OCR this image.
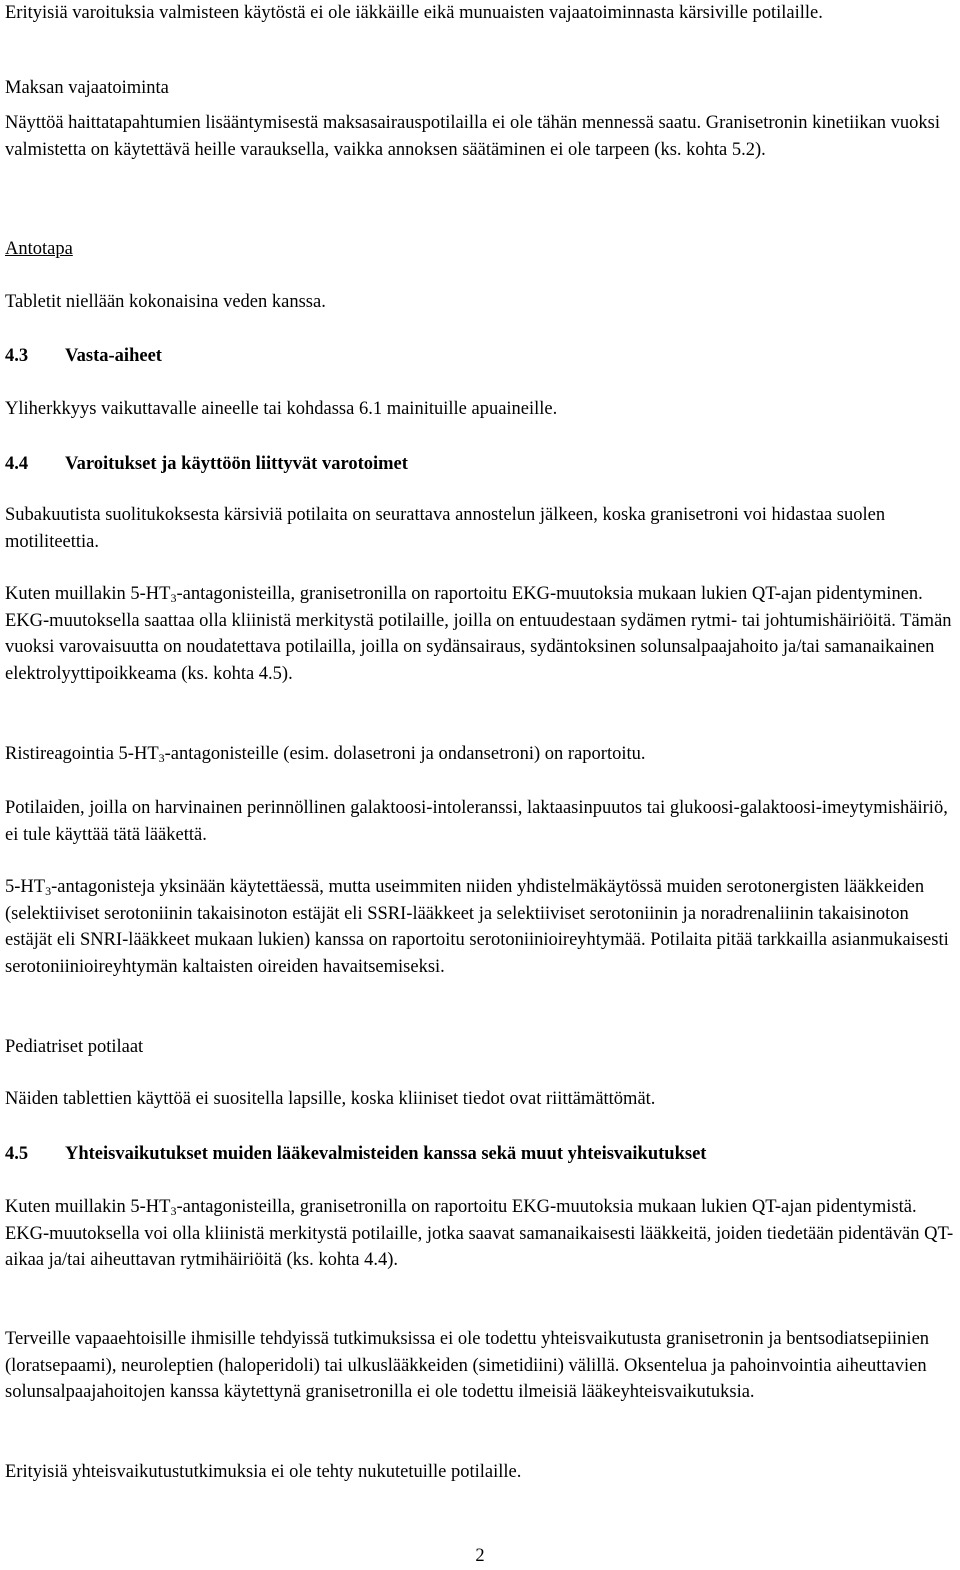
Erityisiä varoituksia valmisteen käytöstä ei ole iäkkäille eikä munuaisten vajaatoiminnasta kärsiville potilaille.

Maksan vajaatoiminta

Näyttöä haittatapahtumien lisääntymisestä maksasairauspotilailla ei ole tähän mennessä saatu. Granisetronin kinetiikan vuoksi valmistetta on käytettävä heille varauksella, vaikka annoksen säätäminen ei ole tarpeen (ks. kohta 5.2).

Antotapa

Tabletit niellään kokonaisina veden kanssa.

4.3 Vasta-aiheet

Yliherkkyys vaikuttavalle aineelle tai kohdassa 6.1 mainituille apuaineille.

4.4 Varoitukset ja käyttöön liittyvät varotoimet

Subakuutista suolitukoksesta kärsiviä potilaita on seurattava annostelun jälkeen, koska granisetroni voi hidastaa suolen motiliteettia.

Kuten muillakin $5-HT_3$-antagonisteilla, granisetronilla on raportoitu EKG-muutoksia mukaan lukien QT-ajan pidentyminen. EKG-muutoksella saattaa olla kliinistä merkitystä potilaille, joilla on entuudestaan sydämen rytmi- tai johtumishäiriöitä. Tämän vuoksi varovaisuutta on noudatettava potilailla, joilla on sydänsairaus, sydäntoksinen solunsalpaajahoito ja/tai samanaikainen elektrolyyttipoikkeama (ks. kohta 4.5).

Ristireagointia $5-HT_3$-antagonisteille (esim. dolasetroni ja ondansetroni) on raportoitu.

Potilaiden, joilla on harvinainen perinnöllinen galaktoosi-intoleranssi, laktaasinpuutos tai glukoosi-galaktoosi-imeytymishäiriö, ei tule käyttää tätä lääkettä.

$5-HT_3$-antagonisteja yksinään käytettäessä, mutta useimmiten niiden yhdistelmäkäytössä muiden serotonergisten lääkkeiden (selektiiviset serotoniinin takaisinoton estäjät eli SSRI-lääkkeet ja selektiiviset serotoniinin ja noradrenaliinin takaisinoton estäjät eli SNRI-lääkkeet mukaan lukien) kanssa on raportoitu serotoniinioireyhtymää. Potilaita pitää tarkkailla asianmukaisesti serotoniinioireyhtymän kaltaisten oireiden havaitsemiseksi.

Pediatriset potilaat

Näiden tablettien käyttöä ei suositella lapsille, koska kliiniset tiedot ovat riittämättömät.

4.5 Yhteisvaikutukset muiden lääkevalmisteiden kanssa sekä muut yhteisvaikutukset

Kuten muillakin $5-HT_3$-antagonisteilla, granisetronilla on raportoitu EKG-muutoksia mukaan lukien QT-ajan pidentymistä. EKG-muutoksella voi olla kliinistä merkitystä potilaille, jotka saavat samanaikaisesti lääkkeitä, joiden tiedetään pidentävän QT-aikaa ja/tai aiheuttavan rytmihäiriöitä (ks. kohta 4.4).

Terveille vapaaehtoisille ihmisille tehdyissä tutkimuksissa ei ole todettu yhteisvaikutusta granisetronin ja bentsodiatsepiinien (loratsepaami), neuroleptien (haloperidoli) tai ulkuslääkkeiden (simetidiini) välillä. Oksentelua ja pahoinvointia aiheuttavien solunsalpaajahoitojen kanssa käytettynä granisetronilla ei ole todettu ilmeisiä lääkeyhteisvaikutuksia.

Erityisiä yhteisvaikutustutkimuksia ei ole tehty nukutetuille potilaille.

2
